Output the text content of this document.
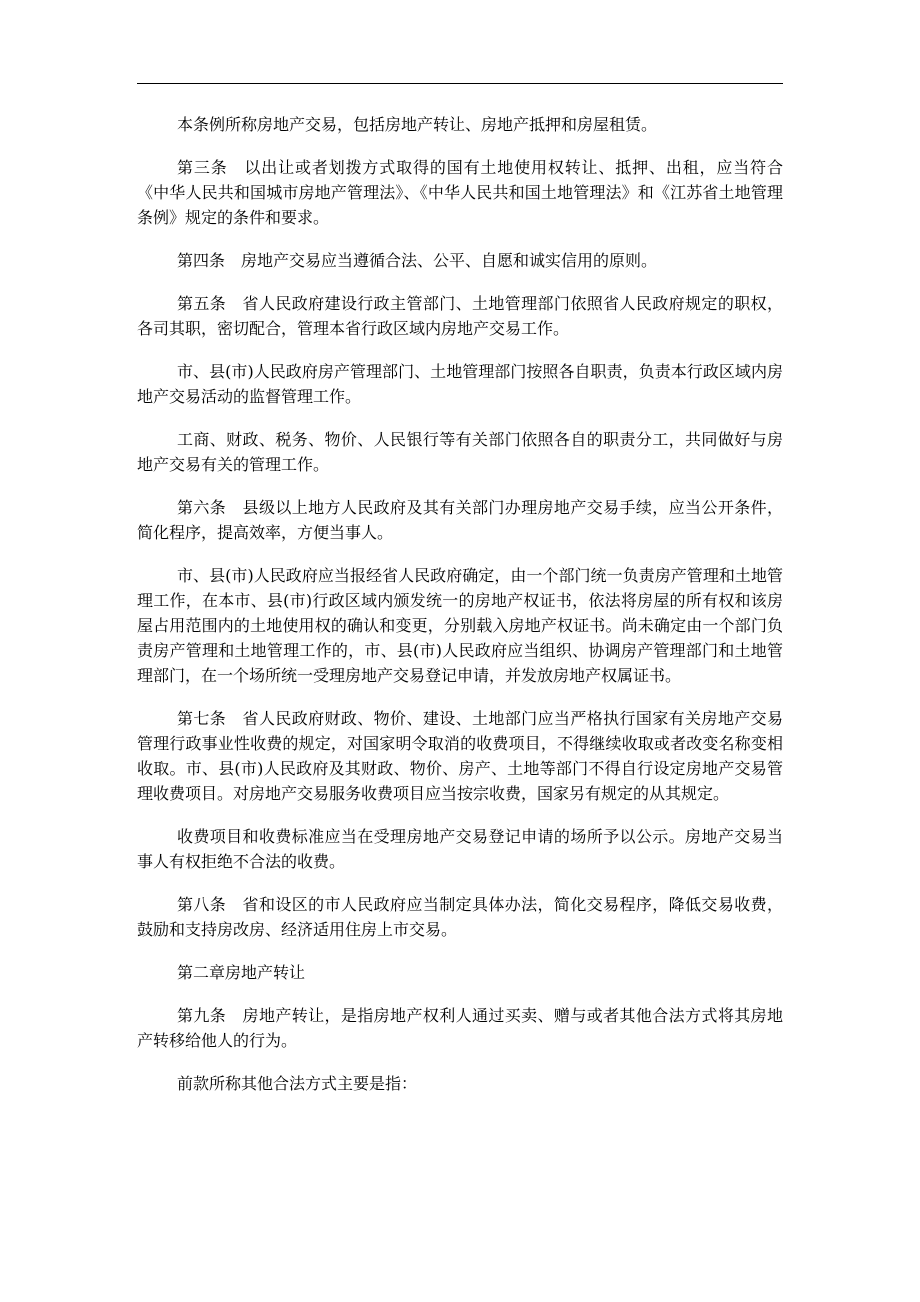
本条例所称房地产交易，包括房地产转让、房地产抵押和房屋租赁。

第三条　以出让或者划拨方式取得的国有土地使用权转让、抵押、出租，应当符合《中华人民共和国城市房地产管理法》、《中华人民共和国土地管理法》和《江苏省土地管理条例》规定的条件和要求。

第四条　房地产交易应当遵循合法、公平、自愿和诚实信用的原则。

第五条　省人民政府建设行政主管部门、土地管理部门依照省人民政府规定的职权，各司其职，密切配合，管理本省行政区域内房地产交易工作。

市、县(市)人民政府房产管理部门、土地管理部门按照各自职责，负责本行政区域内房地产交易活动的监督管理工作。

工商、财政、税务、物价、人民银行等有关部门依照各自的职责分工，共同做好与房地产交易有关的管理工作。

第六条　县级以上地方人民政府及其有关部门办理房地产交易手续，应当公开条件，简化程序，提高效率，方便当事人。

市、县(市)人民政府应当报经省人民政府确定，由一个部门统一负责房产管理和土地管理工作，在本市、县(市)行政区域内颁发统一的房地产权证书，依法将房屋的所有权和该房屋占用范围内的土地使用权的确认和变更，分别载入房地产权证书。尚未确定由一个部门负责房产管理和土地管理工作的，市、县(市)人民政府应当组织、协调房产管理部门和土地管理部门，在一个场所统一受理房地产交易登记申请，并发放房地产权属证书。

第七条　省人民政府财政、物价、建设、土地部门应当严格执行国家有关房地产交易管理行政事业性收费的规定，对国家明令取消的收费项目，不得继续收取或者改变名称变相收取。市、县(市)人民政府及其财政、物价、房产、土地等部门不得自行设定房地产交易管理收费项目。对房地产交易服务收费项目应当按宗收费，国家另有规定的从其规定。

收费项目和收费标准应当在受理房地产交易登记申请的场所予以公示。房地产交易当事人有权拒绝不合法的收费。

第八条　省和设区的市人民政府应当制定具体办法，简化交易程序，降低交易收费，鼓励和支持房改房、经济适用住房上市交易。

第二章房地产转让

第九条　房地产转让，是指房地产权利人通过买卖、赠与或者其他合法方式将其房地产转移给他人的行为。

前款所称其他合法方式主要是指：
